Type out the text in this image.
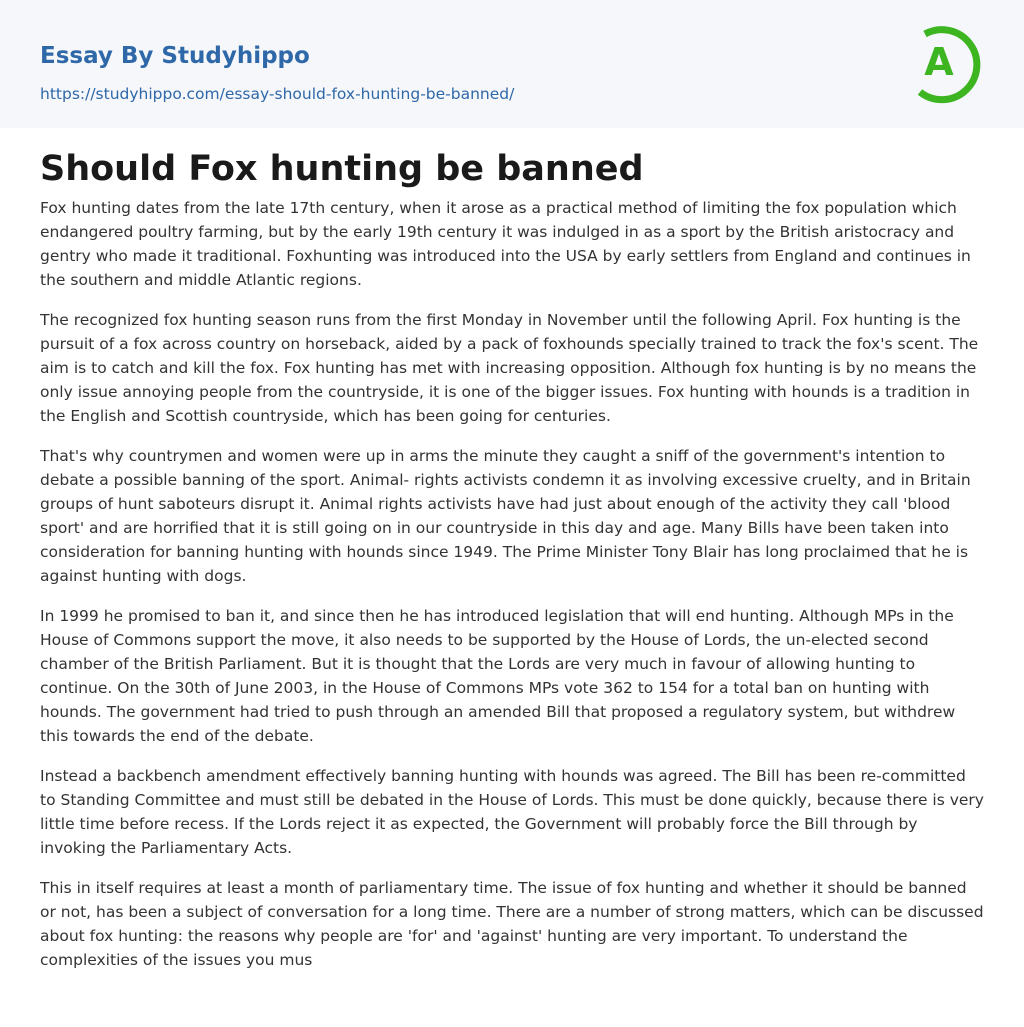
Essay By Studyhippo
https://studyhippo.com/essay-should-fox-hunting-be-banned/
A
Should Fox hunting be banned

Fox hunting dates from the late 17th century, when it arose as a practical method of limiting the fox population which endangered poultry farming, but by the early 19th century it was indulged in as a sport by the British aristocracy and gentry who made it traditional. Foxhunting was introduced into the USA by early settlers from England and continues in the southern and middle Atlantic regions.

The recognized fox hunting season runs from the first Monday in November until the following April. Fox hunting is the pursuit of a fox across country on horseback, aided by a pack of foxhounds specially trained to track the fox's scent. The aim is to catch and kill the fox. Fox hunting has met with increasing opposition. Although fox hunting is by no means the only issue annoying people from the countryside, it is one of the bigger issues. Fox hunting with hounds is a tradition in the English and Scottish countryside, which has been going for centuries.

That's why countrymen and women were up in arms the minute they caught a sniff of the government's intention to debate a possible banning of the sport. Animal- rights activists condemn it as involving excessive cruelty, and in Britain groups of hunt saboteurs disrupt it. Animal rights activists have had just about enough of the activity they call 'blood sport' and are horrified that it is still going on in our countryside in this day and age. Many Bills have been taken into consideration for banning hunting with hounds since 1949. The Prime Minister Tony Blair has long proclaimed that he is against hunting with dogs.

In 1999 he promised to ban it, and since then he has introduced legislation that will end hunting. Although MPs in the House of Commons support the move, it also needs to be supported by the House of Lords, the un-elected second chamber of the British Parliament. But it is thought that the Lords are very much in favour of allowing hunting to continue. On the 30th of June 2003, in the House of Commons MPs vote 362 to 154 for a total ban on hunting with hounds. The government had tried to push through an amended Bill that proposed a regulatory system, but withdrew this towards the end of the debate.

Instead a backbench amendment effectively banning hunting with hounds was agreed. The Bill has been re-committed to Standing Committee and must still be debated in the House of Lords. This must be done quickly, because there is very little time before recess. If the Lords reject it as expected, the Government will probably force the Bill through by invoking the Parliamentary Acts.

This in itself requires at least a month of parliamentary time. The issue of fox hunting and whether it should be banned or not, has been a subject of conversation for a long time. There are a number of strong matters, which can be discussed about fox hunting: the reasons why people are 'for' and 'against' hunting are very important. To understand the complexities of the issues you mus
